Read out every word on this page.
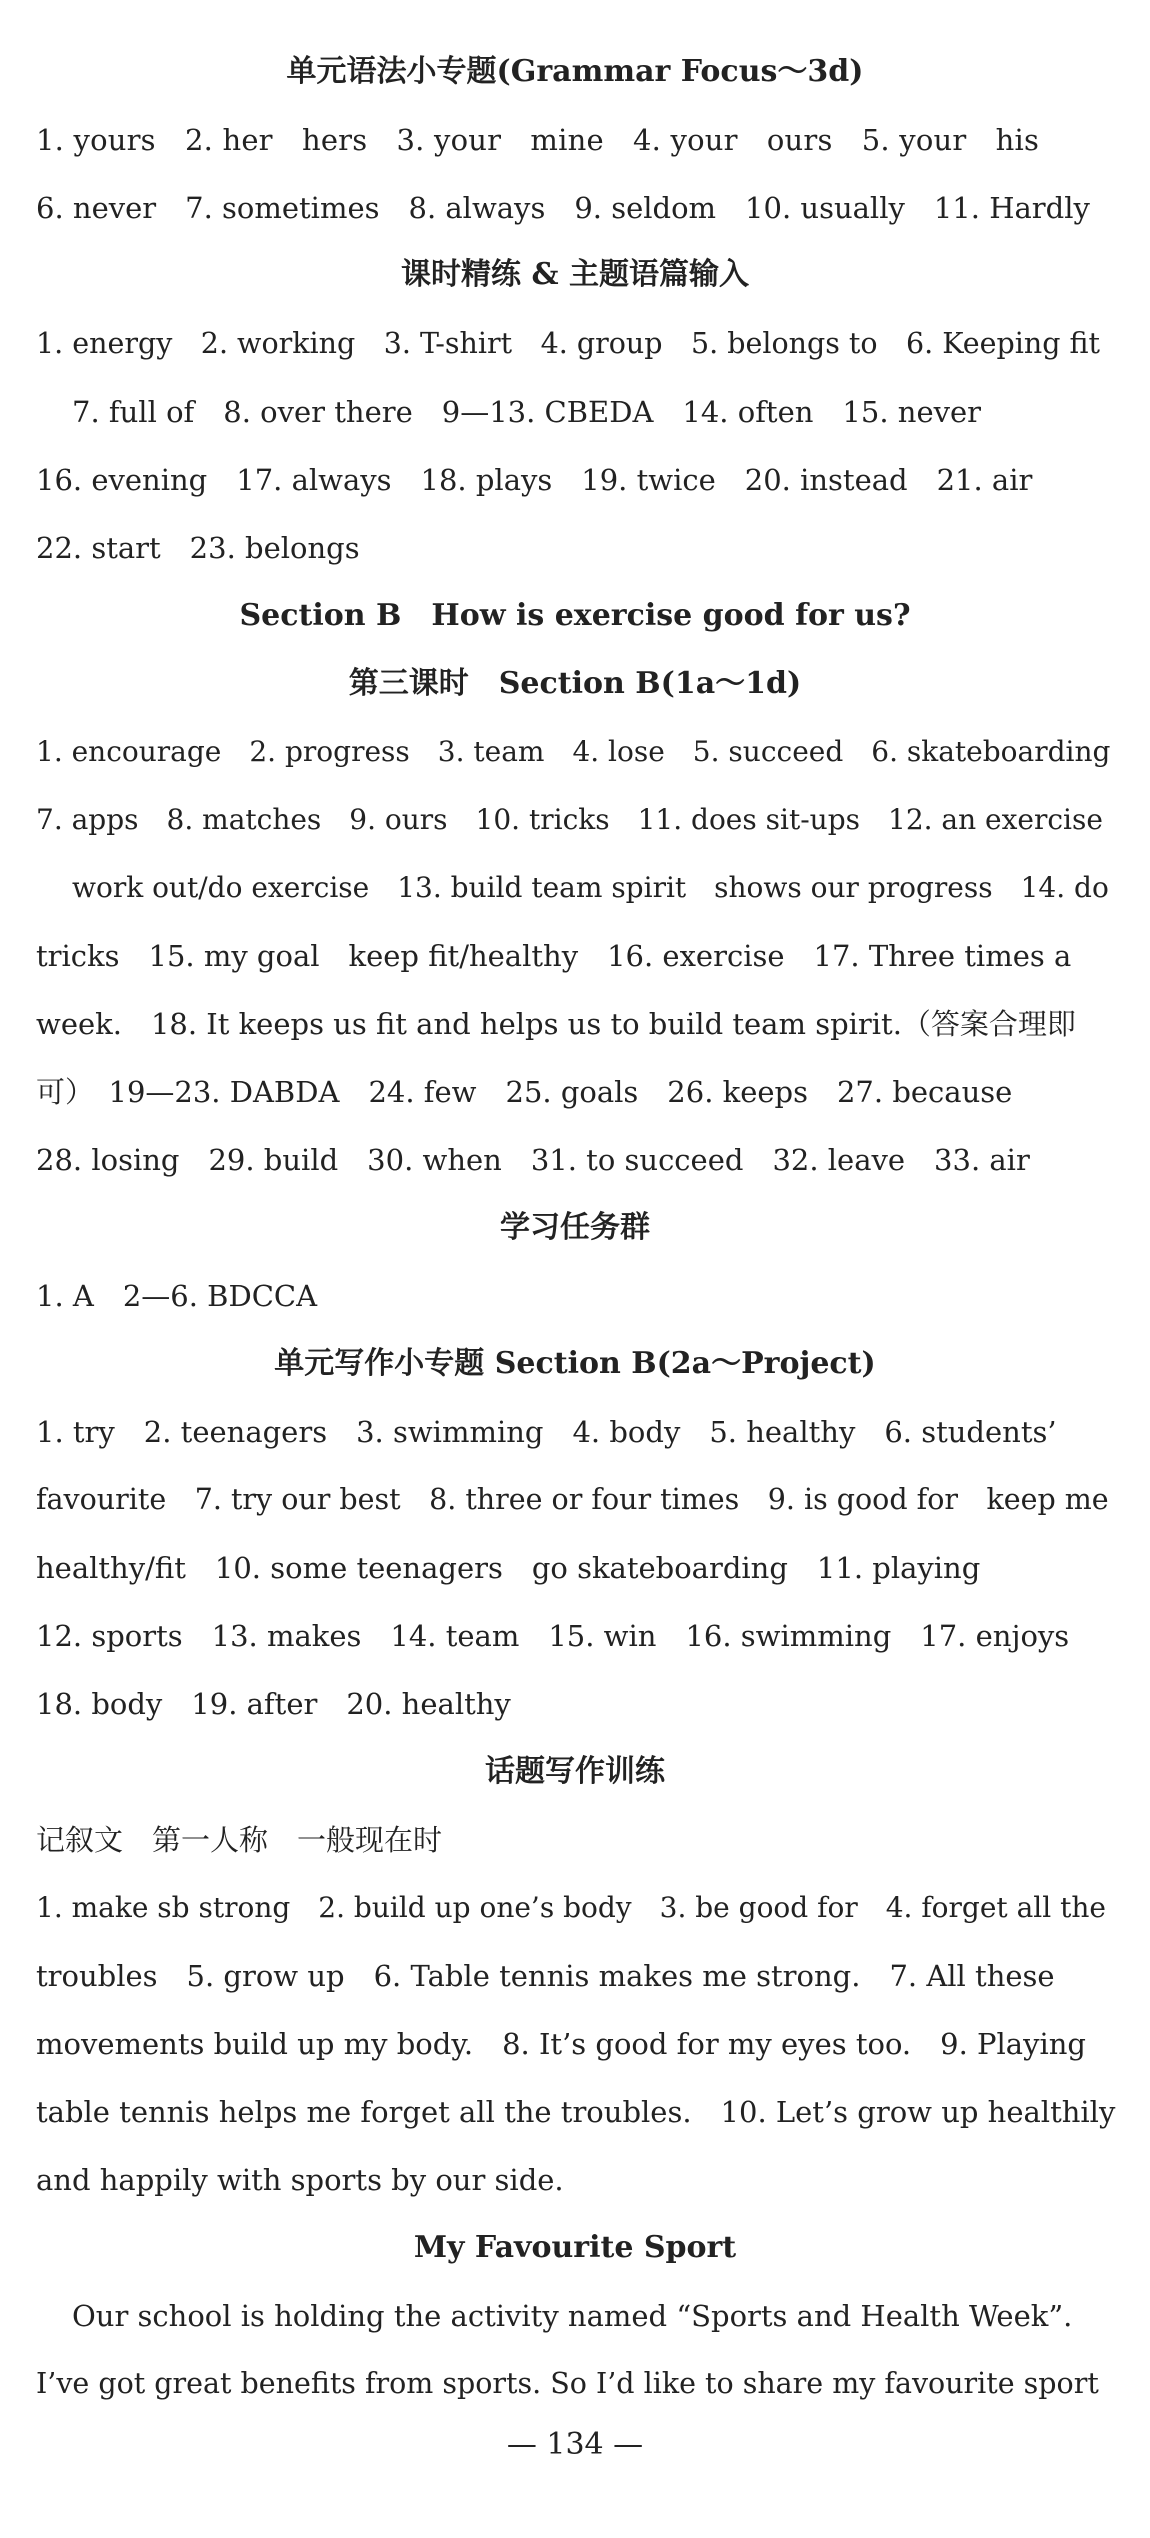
单元语法小专题(Grammar Focus～3d)
1. yours　2. her　hers　3. your　mine　4. your　ours　5. your　his
6. never　7. sometimes　8. always　9. seldom　10. usually　11. Hardly
课时精练 & 主题语篇输入
1. energy　2. working　3. T-shirt　4. group　5. belongs to　6. Keeping fit
7. full of　8. over there　9—13. CBEDA　14. often　15. never
16. evening　17. always　18. plays　19. twice　20. instead　21. air
22. start　23. belongs
Section B　How is exercise good for us?
第三课时　Section B(1a～1d)
1. encourage　2. progress　3. team　4. lose　5. succeed　6. skateboarding
7. apps　8. matches　9. ours　10. tricks　11. does sit-ups　12. an exercise
work out/do exercise　13. build team spirit　shows our progress　14. do
tricks　15. my goal　keep fit/healthy　16. exercise　17. Three times a
week.　18. It keeps us fit and helps us to build team spirit.（答案合理即
可）　19—23. DABDA　24. few　25. goals　26. keeps　27. because
28. losing　29. build　30. when　31. to succeed　32. leave　33. air
学习任务群
1. A　2—6. BDCCA
单元写作小专题 Section B(2a～Project)
1. try　2. teenagers　3. swimming　4. body　5. healthy　6. students’
favourite　7. try our best　8. three or four times　9. is good for　keep me
healthy/fit　10. some teenagers　go skateboarding　11. playing
12. sports　13. makes　14. team　15. win　16. swimming　17. enjoys
18. body　19. after　20. healthy
话题写作训练
记叙文　第一人称　一般现在时
1. make sb strong　2. build up one’s body　3. be good for　4. forget all the
troubles　5. grow up　6. Table tennis makes me strong.　7. All these
movements build up my body.　8. It’s good for my eyes too.　9. Playing
table tennis helps me forget all the troubles.　10. Let’s grow up healthily
and happily with sports by our side.
My Favourite Sport
Our school is holding the activity named “Sports and Health Week”.
I’ve got great benefits from sports. So I’d like to share my favourite sport
— 134 —
